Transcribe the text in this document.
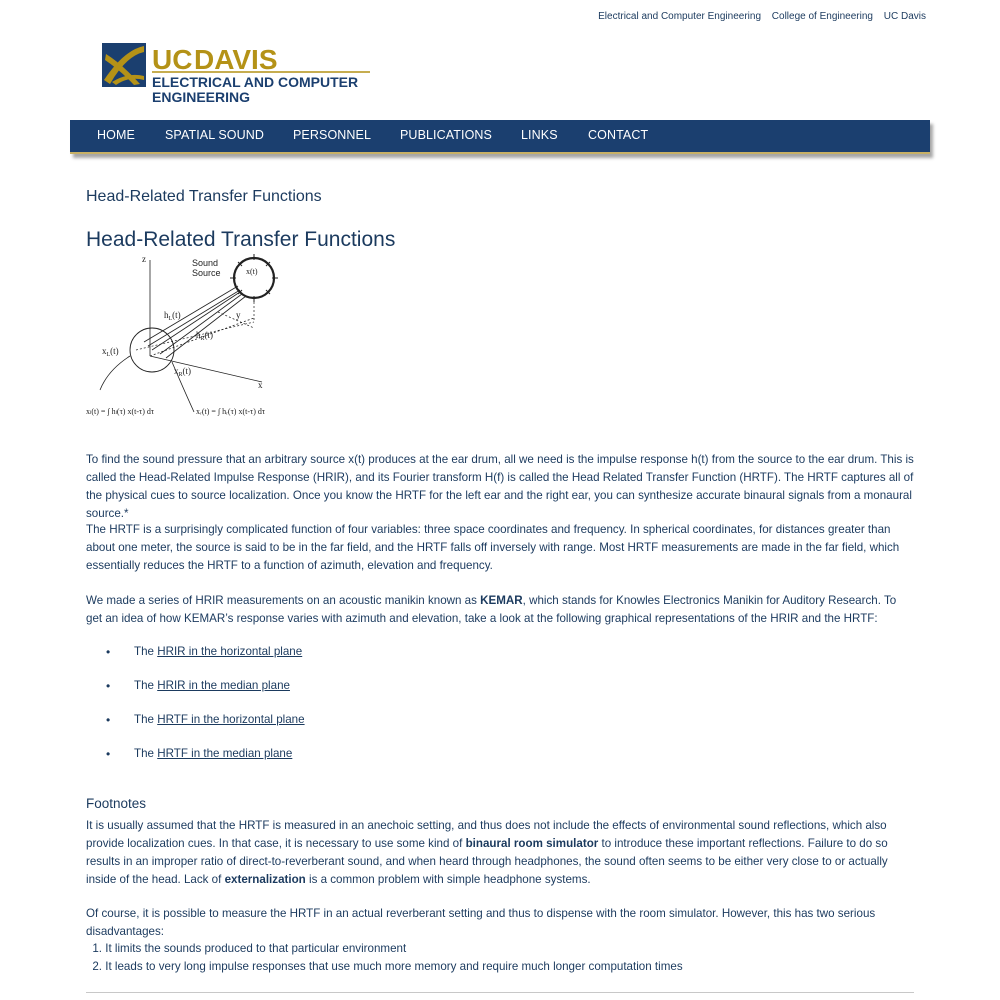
Electrical and Computer Engineering College of Engineering UC Davis
UC DAVIS
ELECTRICAL AND COMPUTER
ENGINEERING
HOME SPATIAL SOUND PERSONNEL PUBLICATIONS LINKS CONTACT
Head-Related Transfer Functions
Head-Related Transfer Functions
z	Sound
Source	x(t)
y
x
$h_L(t)$
$h_R(t)$
$x_L(t)$
$x_R(t)$
xₗ(t) = ∫ hₗ(τ) x(t-τ) dτ	xᵣ(t) = ∫ hᵣ(τ) x(t-τ) dτ

To find the sound pressure that an arbitrary source x(t) produces at the ear drum, all we need is the impulse response h(t) from the source to the ear drum. This is called the Head-Related Impulse Response (HRIR), and its Fourier transform H(f) is called the Head Related Transfer Function (HRTF). The HRTF captures all of the physical cues to source localization. Once you know the HRTF for the left ear and the right ear, you can synthesize accurate binaural signals from a monaural source.*

The HRTF is a surprisingly complicated function of four variables: three space coordinates and frequency. In spherical coordinates, for distances greater than about one meter, the source is said to be in the far field, and the HRTF falls off inversely with range. Most HRTF measurements are made in the far field, which essentially reduces the HRTF to a function of azimuth, elevation and frequency.

We made a series of HRIR measurements on an acoustic manikin known as KEMAR, which stands for Knowles Electronics Manikin for Auditory Research. To get an idea of how KEMAR’s response varies with azimuth and elevation, take a look at the following graphical representations of the HRIR and the HRTF:

• The HRIR in the horizontal plane
• The HRIR in the median plane
• The HRTF in the horizontal plane
• The HRTF in the median plane
Footnotes

It is usually assumed that the HRTF is measured in an anechoic setting, and thus does not include the effects of environmental sound reflections, which also provide localization cues. In that case, it is necessary to use some kind of binaural room simulator to introduce these important reflections. Failure to do so results in an improper ratio of direct-to-reverberant sound, and when heard through headphones, the sound often seems to be either very close to or actually inside of the head. Lack of externalization is a common problem with simple headphone systems.

Of course, it is possible to measure the HRTF in an actual reverberant setting and thus to dispense with the room simulator. However, this has two serious disadvantages:

1. It limits the sounds produced to that particular environment
2. It leads to very long impulse responses that use much more memory and require much longer computation times
